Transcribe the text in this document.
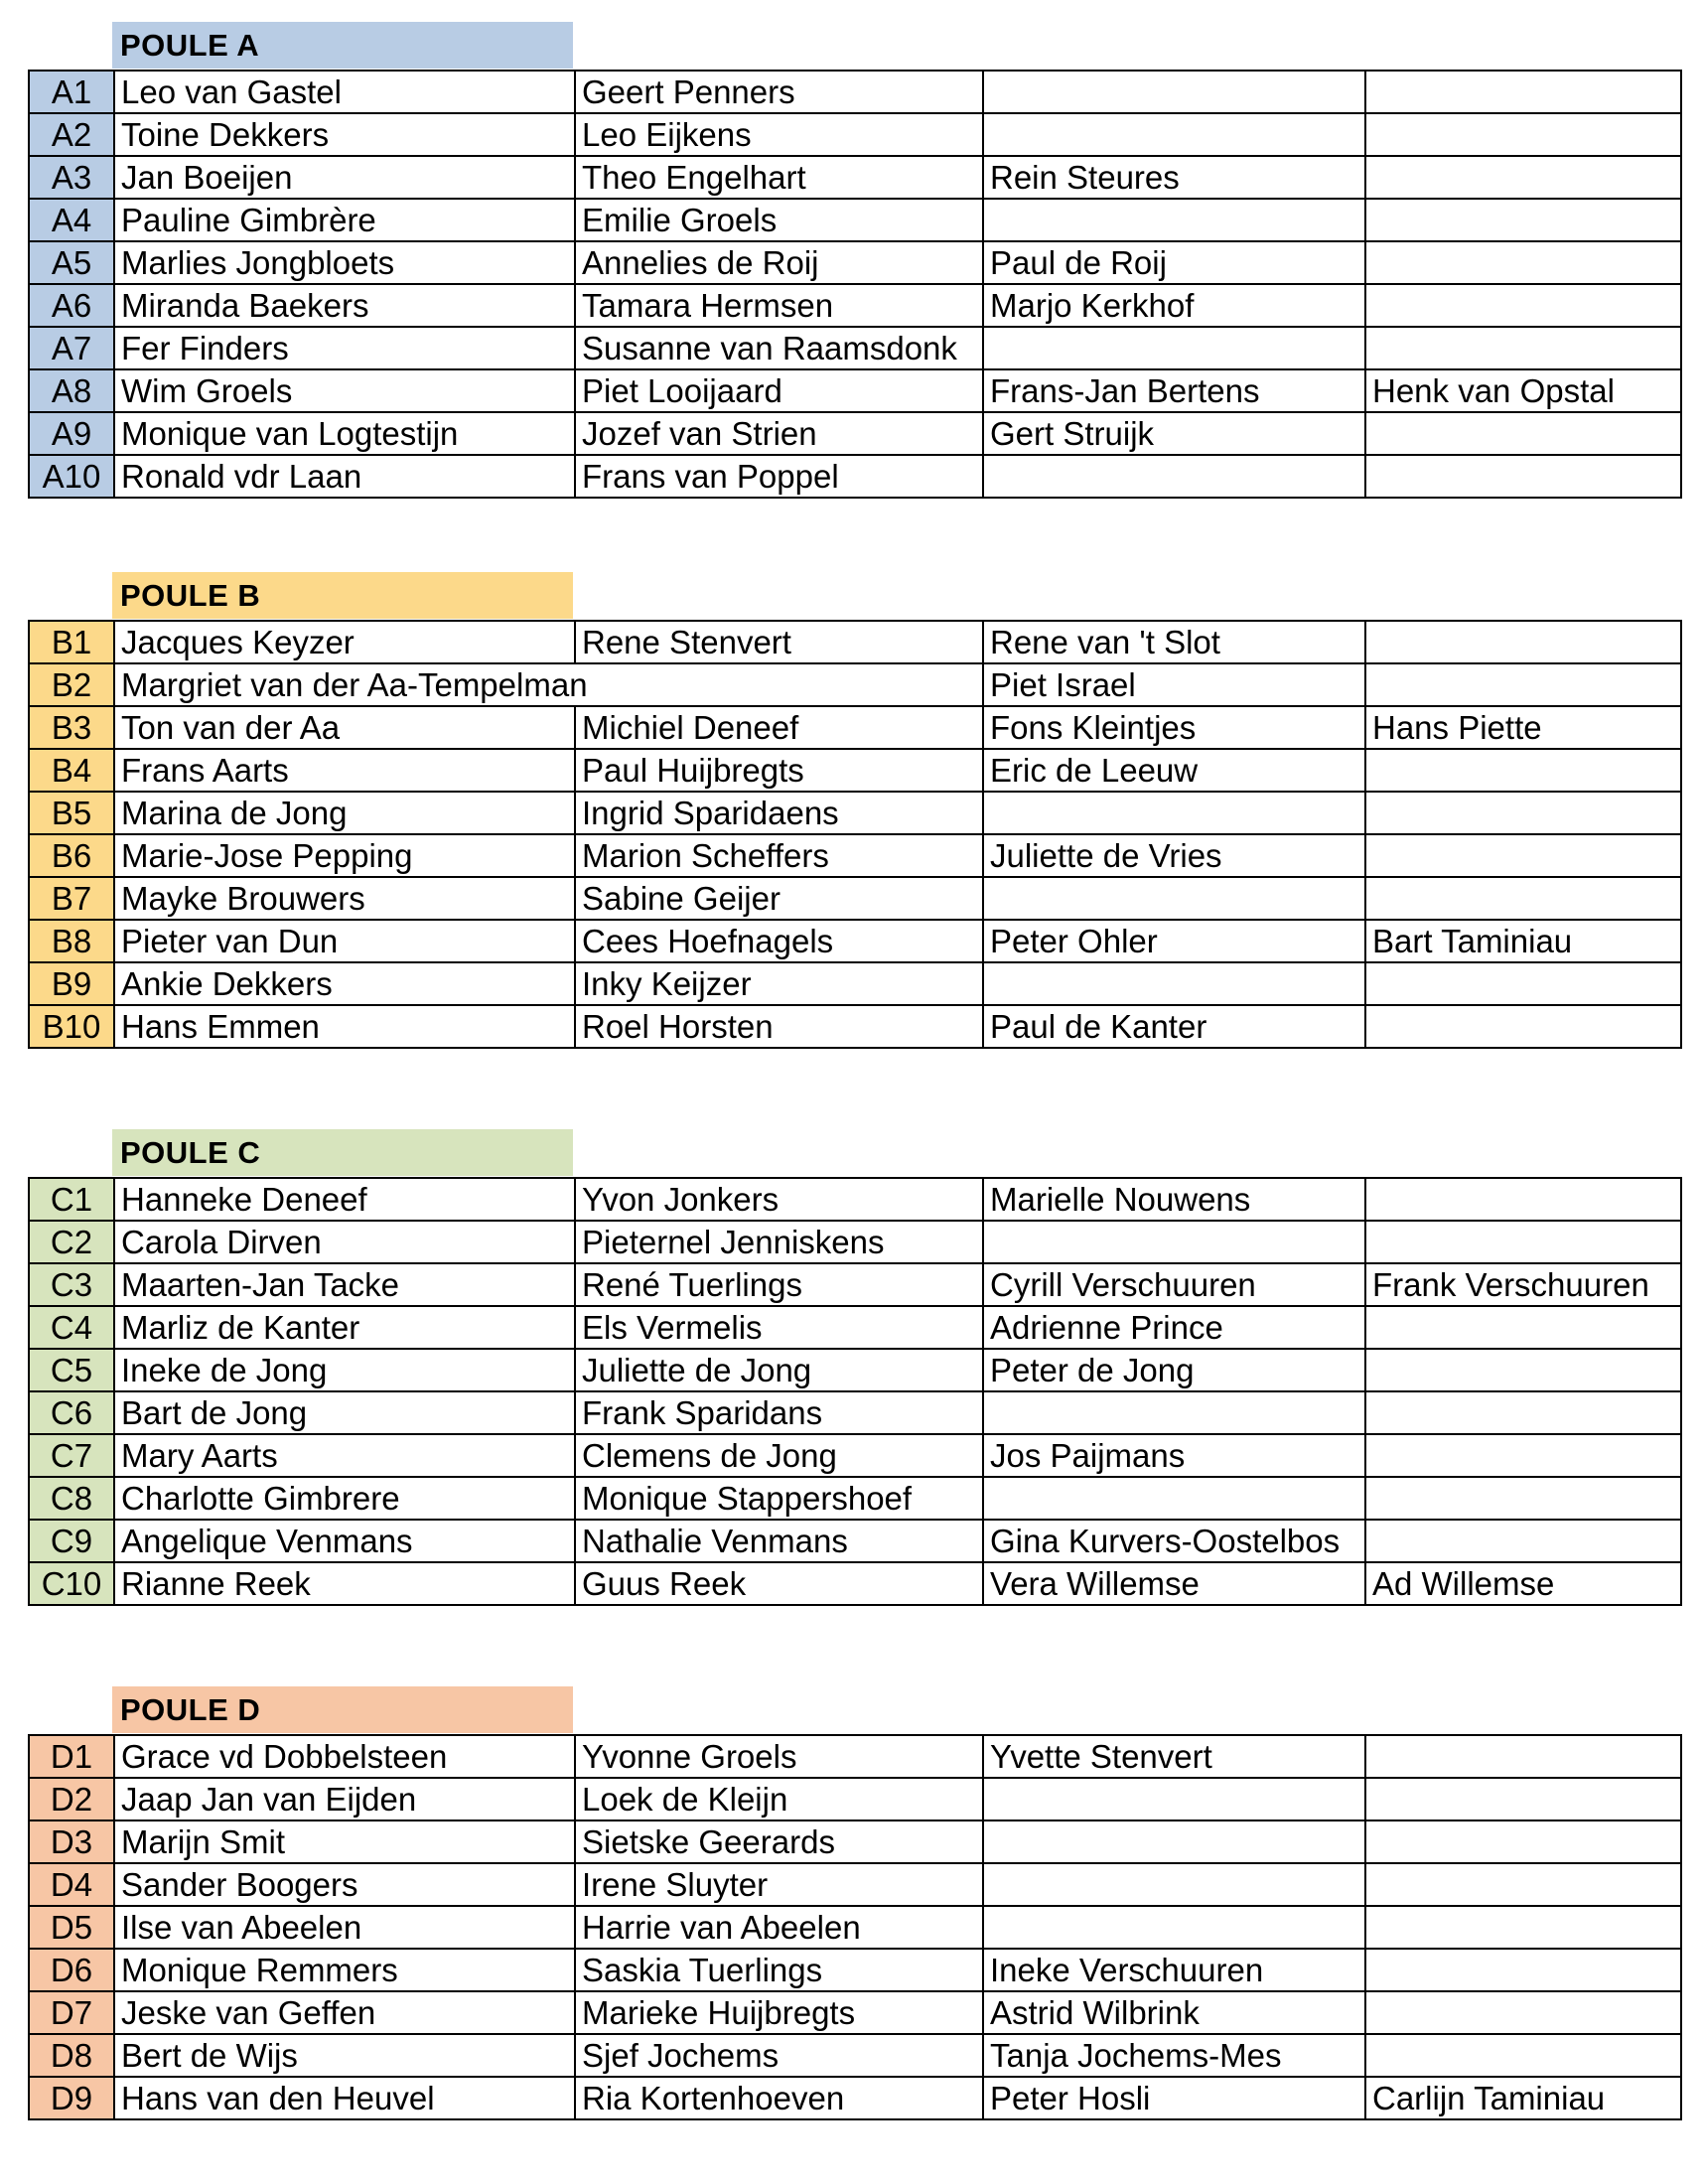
POULE A
A1	Leo van Gastel	Geert Penners		
A2	Toine Dekkers	Leo Eijkens		
A3	Jan Boeijen	Theo Engelhart	Rein Steures	
A4	Pauline Gimbrère	Emilie Groels		
A5	Marlies Jongbloets	Annelies de Roij	Paul de Roij	
A6	Miranda Baekers	Tamara Hermsen	Marjo Kerkhof	
A7	Fer Finders	Susanne van Raamsdonk		
A8	Wim Groels	Piet Looijaard	Frans-Jan Bertens	Henk van Opstal
A9	Monique van Logtestijn	Jozef van Strien	Gert Struijk	
A10	Ronald vdr Laan	Frans van Poppel		
POULE B
B1	Jacques Keyzer	Rene Stenvert	Rene van 't Slot	
B2	Margriet van der Aa-Tempelman		Piet Israel	
B3	Ton van der Aa	Michiel Deneef	Fons Kleintjes	Hans Piette
B4	Frans Aarts	Paul Huijbregts	Eric de Leeuw	
B5	Marina de Jong	Ingrid Sparidaens		
B6	Marie-Jose Pepping	Marion Scheffers	Juliette de Vries	
B7	Mayke Brouwers	Sabine Geijer		
B8	Pieter van Dun	Cees Hoefnagels	Peter Ohler	Bart Taminiau
B9	Ankie Dekkers	Inky Keijzer		
B10	Hans Emmen	Roel Horsten	Paul de Kanter	
POULE C
C1	Hanneke Deneef	Yvon Jonkers	Marielle Nouwens	
C2	Carola Dirven	Pieternel Jenniskens		
C3	Maarten-Jan Tacke	René Tuerlings	Cyrill Verschuuren	Frank Verschuuren
C4	Marliz de Kanter	Els Vermelis	Adrienne Prince	
C5	Ineke de Jong	Juliette de Jong	Peter de Jong	
C6	Bart de Jong	Frank Sparidans		
C7	Mary Aarts	Clemens de Jong	Jos Paijmans	
C8	Charlotte Gimbrere	Monique Stappershoef		
C9	Angelique Venmans	Nathalie Venmans	Gina Kurvers-Oostelbos	
C10	Rianne Reek	Guus Reek	Vera Willemse	Ad Willemse
POULE D
D1	Grace vd Dobbelsteen	Yvonne Groels	Yvette Stenvert	
D2	Jaap Jan van Eijden	Loek de Kleijn		
D3	Marijn Smit	Sietske Geerards		
D4	Sander Boogers	Irene Sluyter		
D5	Ilse van Abeelen	Harrie van Abeelen		
D6	Monique Remmers	Saskia Tuerlings	Ineke Verschuuren	
D7	Jeske van Geffen	Marieke Huijbregts	Astrid Wilbrink	
D8	Bert de Wijs	Sjef Jochems	Tanja Jochems-Mes	
D9	Hans van den Heuvel	Ria Kortenhoeven	Peter Hosli	Carlijn Taminiau
